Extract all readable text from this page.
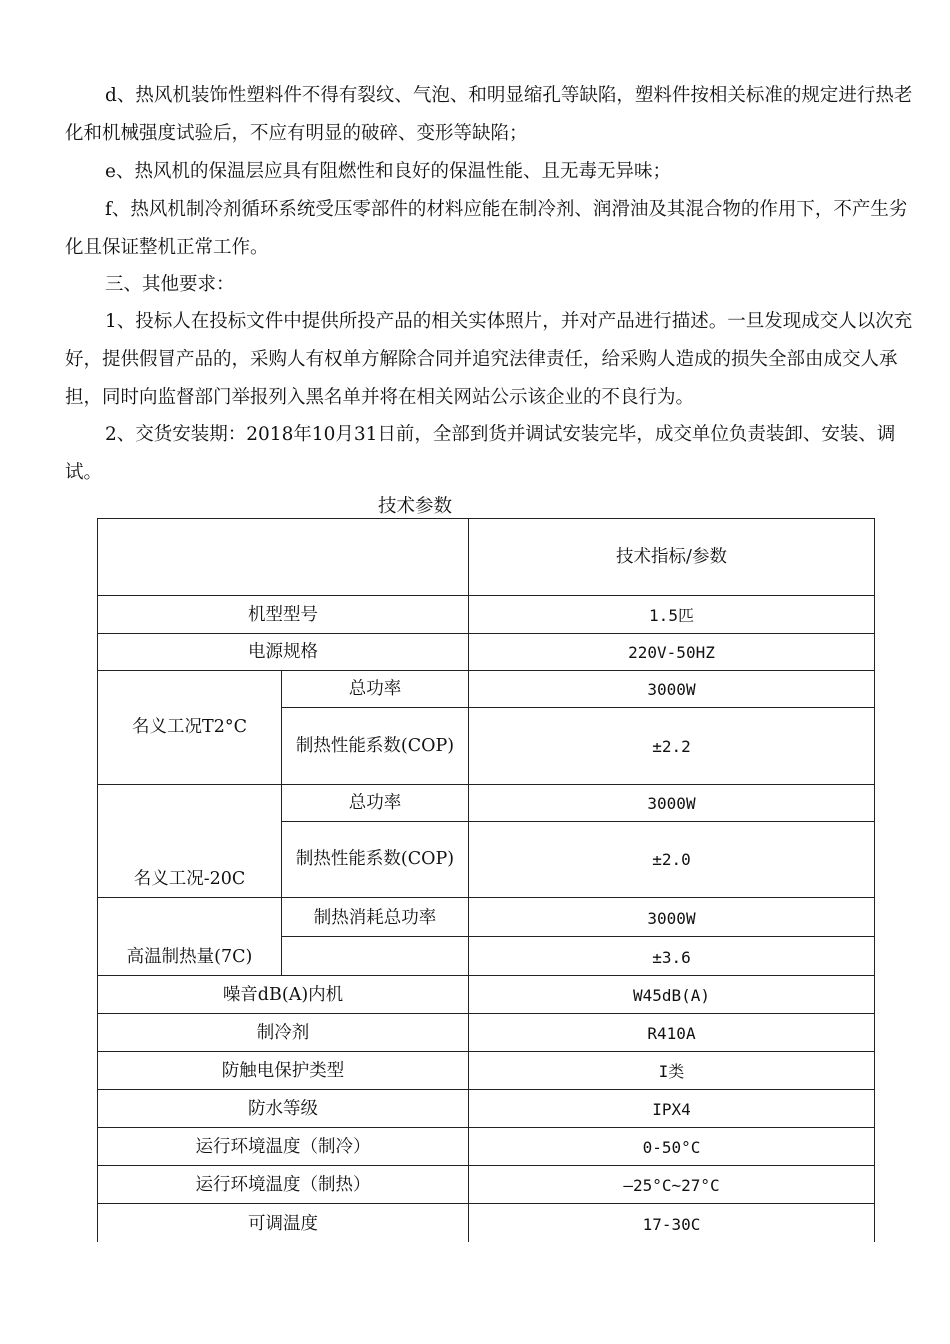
d、热风机装饰性塑料件不得有裂纹、气泡、和明显缩孔等缺陷，塑料件按相关标准的规定进行热老化和机械强度试验后，不应有明显的破碎、变形等缺陷；

e、热风机的保温层应具有阻燃性和良好的保温性能、且无毒无异味；

f、热风机制冷剂循环系统受压零部件的材料应能在制冷剂、润滑油及其混合物的作用下，不产生劣化且保证整机正常工作。

三、其他要求：

1、投标人在投标文件中提供所投产品的相关实体照片，并对产品进行描述。一旦发现成交人以次充好，提供假冒产品的，采购人有权单方解除合同并追究法律责任，给采购人造成的损失全部由成交人承担，同时向监督部门举报列入黑名单并将在相关网站公示该企业的不良行为。

2、交货安装期：2018年10月31日前，全部到货并调试安装完毕，成交单位负责装卸、安装、调试。

技术参数

		技术指标/参数
机型型号		1.5匹
电源规格		220V-50HZ
名义工况T2°C	总功率	3000W
	制热性能系数(COP)	±2.2
名义工况-20C	总功率	3000W
	制热性能系数(COP)	±2.0
高温制热量(7C)	制热消耗总功率	3000W
		±3.6
噪音dB(A)内机		W45dB(A)
制冷剂		R410A
防触电保护类型		I类
防水等级		IPX4
运行环境温度（制冷）		0-50°C
运行环境温度（制热）		—25°C~27°C
可调温度		17-30C
